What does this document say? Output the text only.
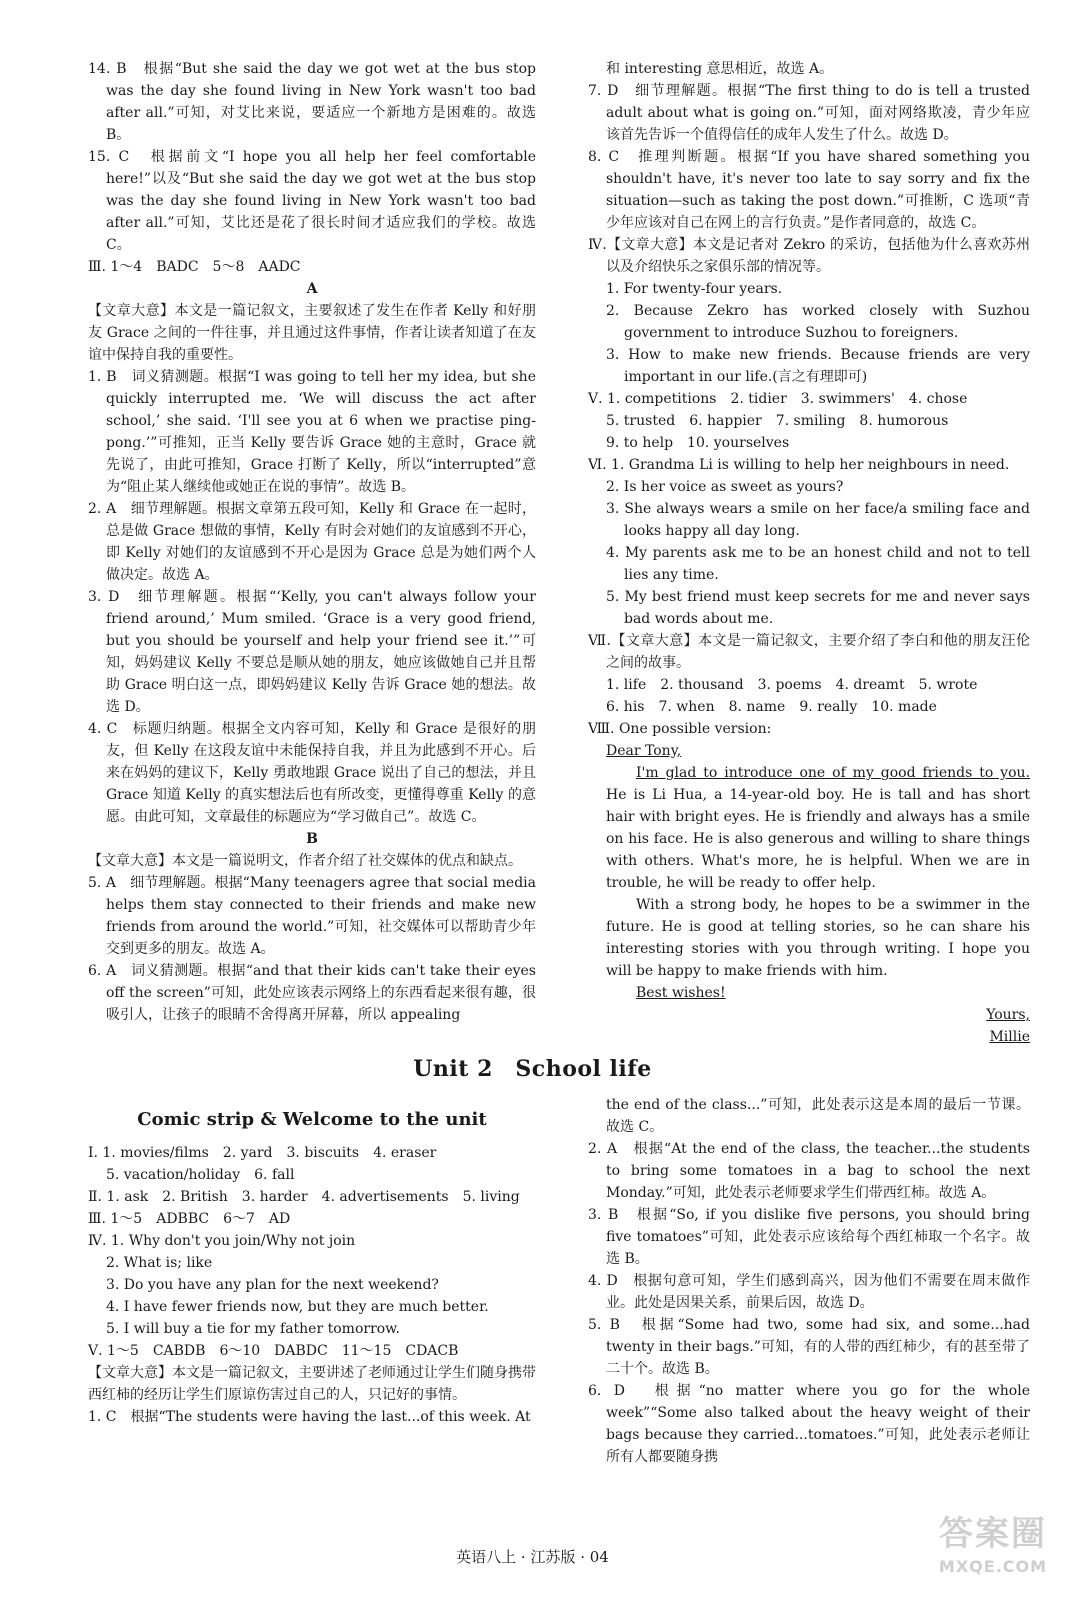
14. B　根据“But she said the day we got wet at the bus stop was the day she found living in New York wasn't too bad after all.”可知，对艾比来说，要适应一个新地方是困难的。故选 B。

15. C　根据前文“I hope you all help her feel comfortable here!”以及“But she said the day we got wet at the bus stop was the day she found living in New York wasn't too bad after all.”可知，艾比还是花了很长时间才适应我们的学校。故选 C。

Ⅲ. 1～4　BADC　5～8　AADC

A

【文章大意】本文是一篇记叙文，主要叙述了发生在作者 Kelly 和好朋友 Grace 之间的一件往事，并且通过这件事情，作者让读者知道了在友谊中保持自我的重要性。

1. B　词义猜测题。根据“I was going to tell her my idea, but she quickly interrupted me. ‘We will discuss the act after school,’ she said. ‘I'll see you at 6 when we practise ping-pong.’”可推知，正当 Kelly 要告诉 Grace 她的主意时，Grace 就先说了，由此可推知，Grace 打断了 Kelly，所以“interrupted”意为“阻止某人继续他或她正在说的事情”。故选 B。

2. A　细节理解题。根据文章第五段可知，Kelly 和 Grace 在一起时，总是做 Grace 想做的事情，Kelly 有时会对她们的友谊感到不开心，即 Kelly 对她们的友谊感到不开心是因为 Grace 总是为她们两个人做决定。故选 A。

3. D　细节理解题。根据“‘Kelly, you can't always follow your friend around,’ Mum smiled. ‘Grace is a very good friend, but you should be yourself and help your friend see it.’”可知，妈妈建议 Kelly 不要总是顺从她的朋友，她应该做她自己并且帮助 Grace 明白这一点，即妈妈建议 Kelly 告诉 Grace 她的想法。故选 D。

4. C　标题归纳题。根据全文内容可知，Kelly 和 Grace 是很好的朋友，但 Kelly 在这段友谊中未能保持自我，并且为此感到不开心。后来在妈妈的建议下，Kelly 勇敢地跟 Grace 说出了自己的想法，并且 Grace 知道 Kelly 的真实想法后也有所改变，更懂得尊重 Kelly 的意愿。由此可知，文章最佳的标题应为“学习做自己”。故选 C。

B

【文章大意】本文是一篇说明文，作者介绍了社交媒体的优点和缺点。

5. A　细节理解题。根据“Many teenagers agree that social media helps them stay connected to their friends and make new friends from around the world.”可知，社交媒体可以帮助青少年交到更多的朋友。故选 A。

6. A　词义猜测题。根据“and that their kids can't take their eyes off the screen”可知，此处应该表示网络上的东西看起来很有趣，很吸引人，让孩子的眼睛不舍得离开屏幕，所以 appealing

和 interesting 意思相近，故选 A。

7. D　细节理解题。根据“The first thing to do is tell a trusted adult about what is going on.”可知，面对网络欺凌，青少年应该首先告诉一个值得信任的成年人发生了什么。故选 D。

8. C　推理判断题。根据“If you have shared something you shouldn't have, it's never too late to say sorry and fix the situation—such as taking the post down.”可推断，C 选项“青少年应该对自己在网上的言行负责。”是作者同意的，故选 C。

Ⅳ.【文章大意】本文是记者对 Zekro 的采访，包括他为什么喜欢苏州以及介绍快乐之家俱乐部的情况等。

1. For twenty-four years.

2. Because Zekro has worked closely with Suzhou government to introduce Suzhou to foreigners.

3. How to make new friends. Because friends are very important in our life.(言之有理即可)

Ⅴ. 1. competitions　2. tidier　3. swimmers'　4. chose

5. trusted　6. happier　7. smiling　8. humorous

9. to help　10. yourselves

Ⅵ. 1. Grandma Li is willing to help her neighbours in need.

2. Is her voice as sweet as yours?

3. She always wears a smile on her face/a smiling face and looks happy all day long.

4. My parents ask me to be an honest child and not to tell lies any time.

5. My best friend must keep secrets for me and never says bad words about me.

Ⅶ.【文章大意】本文是一篇记叙文，主要介绍了李白和他的朋友汪伦之间的故事。

1. life　2. thousand　3. poems　4. dreamt　5. wrote

6. his　7. when　8. name　9. really　10. made

Ⅷ. One possible version:

Dear Tony,

I'm glad to introduce one of my good friends to you. He is Li Hua, a 14-year-old boy. He is tall and has short hair with bright eyes. He is friendly and always has a smile on his face. He is also generous and willing to share things with others. What's more, he is helpful. When we are in trouble, he will be ready to offer help.

With a strong body, he hopes to be a swimmer in the future. He is good at telling stories, so he can share his interesting stories with you through writing. I hope you will be happy to make friends with him.

Best wishes!

Yours,

Millie

Unit 2　School life
Comic strip & Welcome to the unit

Ⅰ. 1. movies/films　2. yard　3. biscuits　4. eraser

5. vacation/holiday　6. fall

Ⅱ. 1. ask　2. British　3. harder　4. advertisements　5. living

Ⅲ. 1～5　ADBBC　6～7　AD

Ⅳ. 1. Why don't you join/Why not join

2. What is; like

3. Do you have any plan for the next weekend?

4. I have fewer friends now, but they are much better.

5. I will buy a tie for my father tomorrow.

Ⅴ. 1～5　CABDB　6～10　DABDC　11～15　CDACB

【文章大意】本文是一篇记叙文，主要讲述了老师通过让学生们随身携带西红柿的经历让学生们原谅伤害过自己的人，只记好的事情。

1. C　根据“The students were having the last...of this week. At

the end of the class...”可知，此处表示这是本周的最后一节课。故选 C。

2. A　根据“At the end of the class, the teacher...the students to bring some tomatoes in a bag to school the next Monday.”可知，此处表示老师要求学生们带西红柿。故选 A。

3. B　根据“So, if you dislike five persons, you should bring five tomatoes”可知，此处表示应该给每个西红柿取一个名字。故选 B。

4. D　根据句意可知，学生们感到高兴，因为他们不需要在周末做作业。此处是因果关系，前果后因，故选 D。

5. B　根据“Some had two, some had six, and some...had twenty in their bags.”可知，有的人带的西红柿少，有的甚至带了二十个。故选 B。

6. D　根据“no matter where you go for the whole week”“Some also talked about the heavy weight of their bags because they carried...tomatoes.”可知，此处表示老师让所有人都要随身携

英语八上 · 江苏版 · 04
答案圈
MXQE.COM
